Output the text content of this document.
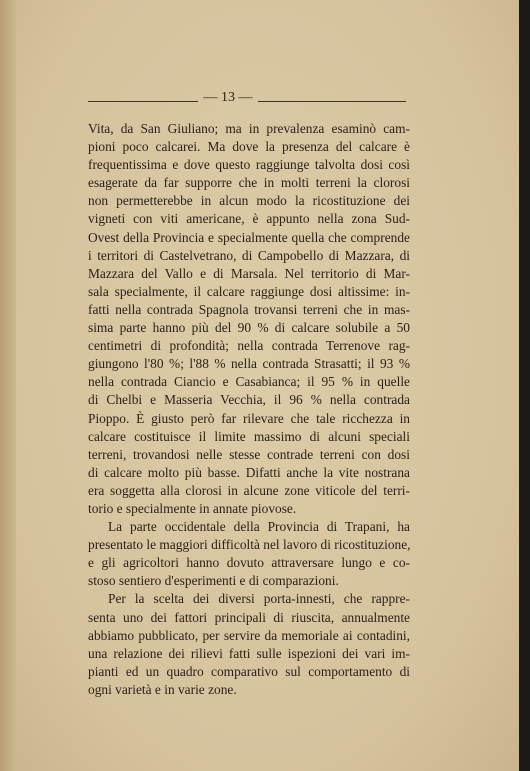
— 13 —
Vita, da San Giuliano; ma in prevalenza esaminò cam-
pioni poco calcarei. Ma dove la presenza del calcare è
frequentissima e dove questo raggiunge talvolta dosi così
esagerate da far supporre che in molti terreni la clorosi
non permetterebbe in alcun modo la ricostituzione dei
vigneti con viti americane, è appunto nella zona Sud-
Ovest della Provincia e specialmente quella che comprende
i territori di Castelvetrano, di Campobello di Mazzara, di
Mazzara del Vallo e di Marsala. Nel territorio di Mar-
sala specialmente, il calcare raggiunge dosi altissime: in-
fatti nella contrada Spagnola trovansi terreni che in mas-
sima parte hanno più del 90 % di calcare solubile a 50
centimetri di profondità; nella contrada Terrenove rag-
giungono l'80 %; l'88 % nella contrada Strasatti; il 93 %
nella contrada Ciancio e Casabianca; il 95 % in quelle
di Chelbi e Masseria Vecchia, il 96 % nella contrada
Pioppo. È giusto però far rilevare che tale ricchezza in
calcare costituisce il limite massimo di alcuni speciali
terreni, trovandosi nelle stesse contrade terreni con dosi
di calcare molto più basse. Difatti anche la vite nostrana
era soggetta alla clorosi in alcune zone viticole del terri-
torio e specialmente in annate piovose.
La parte occidentale della Provincia di Trapani, ha
presentato le maggiori difficoltà nel lavoro di ricostituzione,
e gli agricoltori hanno dovuto attraversare lungo e co-
stoso sentiero d'esperimenti e di comparazioni.
Per la scelta dei diversi porta-innesti, che rappre-
senta uno dei fattori principali di riuscita, annualmente
abbiamo pubblicato, per servire da memoriale ai contadini,
una relazione dei rilievi fatti sulle ispezioni dei vari im-
pianti ed un quadro comparativo sul comportamento di
ogni varietà e in varie zone.
